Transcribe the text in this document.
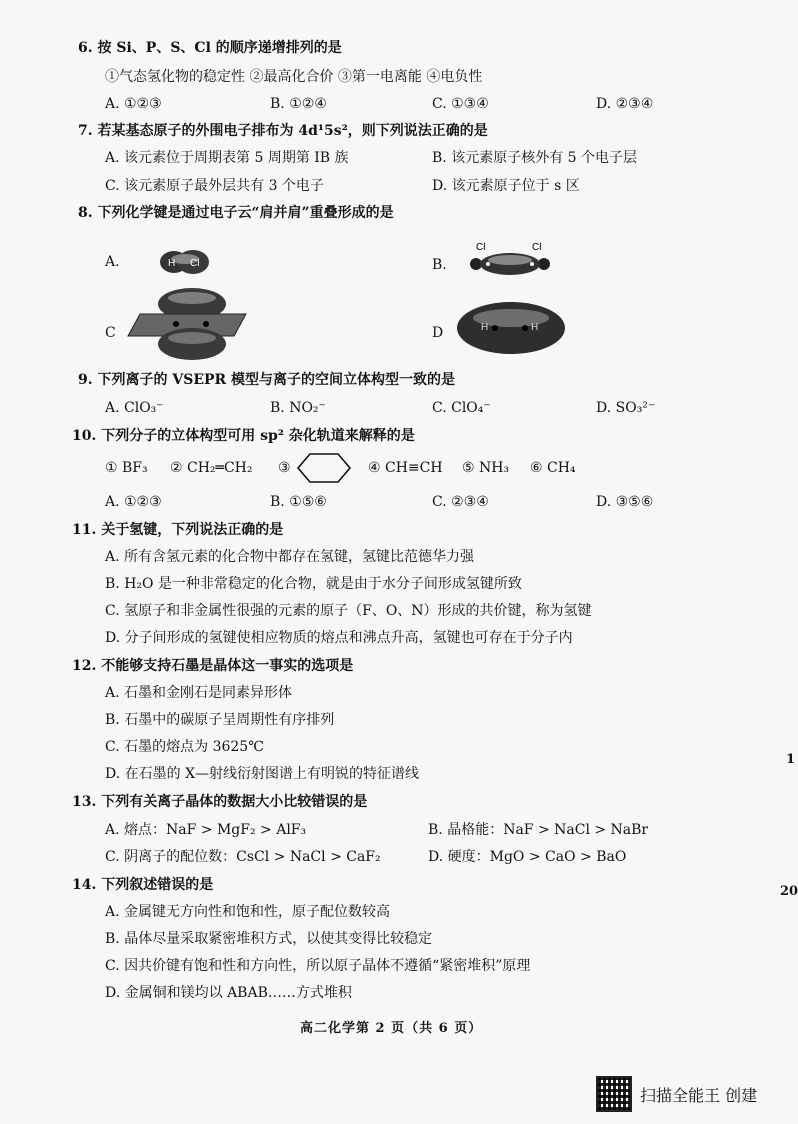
6. 按 Si、P、S、Cl 的顺序递增排列的是
①气态氢化物的稳定性 ②最高化合价 ③第一电离能 ④电负性
A. ①②③	B. ①②④	C. ①③④	D. ②③④
7. 若某基态原子的外围电子排布为 4d¹5s²，则下列说法正确的是
A. 该元素位于周期表第 5 周期第 IB 族	B. 该元素原子核外有 5 个电子层
C. 该元素原子最外层共有 3 个电子	D. 该元素原子位于 s 区
8. 下列化学键是通过电子云“肩并肩”重叠形成的是
A.	H Cl	B.
Cl	Cl
C	D	H	H
9. 下列离子的 VSEPR 模型与离子的空间立体构型一致的是
A. ClO₃⁻	B. NO₂⁻	C. ClO₄⁻	D. SO₃²⁻
10. 下列分子的立体构型可用 sp² 杂化轨道来解释的是
① BF₃ ② CH₂═CH₂ ③	④ CH≡CH ⑤ NH₃ ⑥ CH₄
A. ①②③	B. ①⑤⑥	C. ②③④	D. ③⑤⑥
11. 关于氢键，下列说法正确的是
A. 所有含氢元素的化合物中都存在氢键，氢键比范德华力强
B. H₂O 是一种非常稳定的化合物，就是由于水分子间形成氢键所致
C. 氢原子和非金属性很强的元素的原子（F、O、N）形成的共价键，称为氢键
D. 分子间形成的氢键使相应物质的熔点和沸点升高，氢键也可存在于分子内
12. 不能够支持石墨是晶体这一事实的选项是
A. 石墨和金刚石是同素异形体
B. 石墨中的碳原子呈周期性有序排列
C. 石墨的熔点为 3625℃
D. 在石墨的 X—射线衍射图谱上有明锐的特征谱线
13. 下列有关离子晶体的数据大小比较错误的是
A. 熔点：NaF > MgF₂ > AlF₃	B. 晶格能：NaF > NaCl > NaBr
C. 阴离子的配位数：CsCl > NaCl > CaF₂	D. 硬度：MgO > CaO > BaO
14. 下列叙述错误的是
A. 金属键无方向性和饱和性，原子配位数较高
B. 晶体尽量采取紧密堆积方式，以使其变得比较稳定
C. 因共价键有饱和性和方向性，所以原子晶体不遵循“紧密堆积”原理
D. 金属铜和镁均以 ABAB……方式堆积
高二化学第 2 页（共 6 页）
1
20
扫描全能王 创建
